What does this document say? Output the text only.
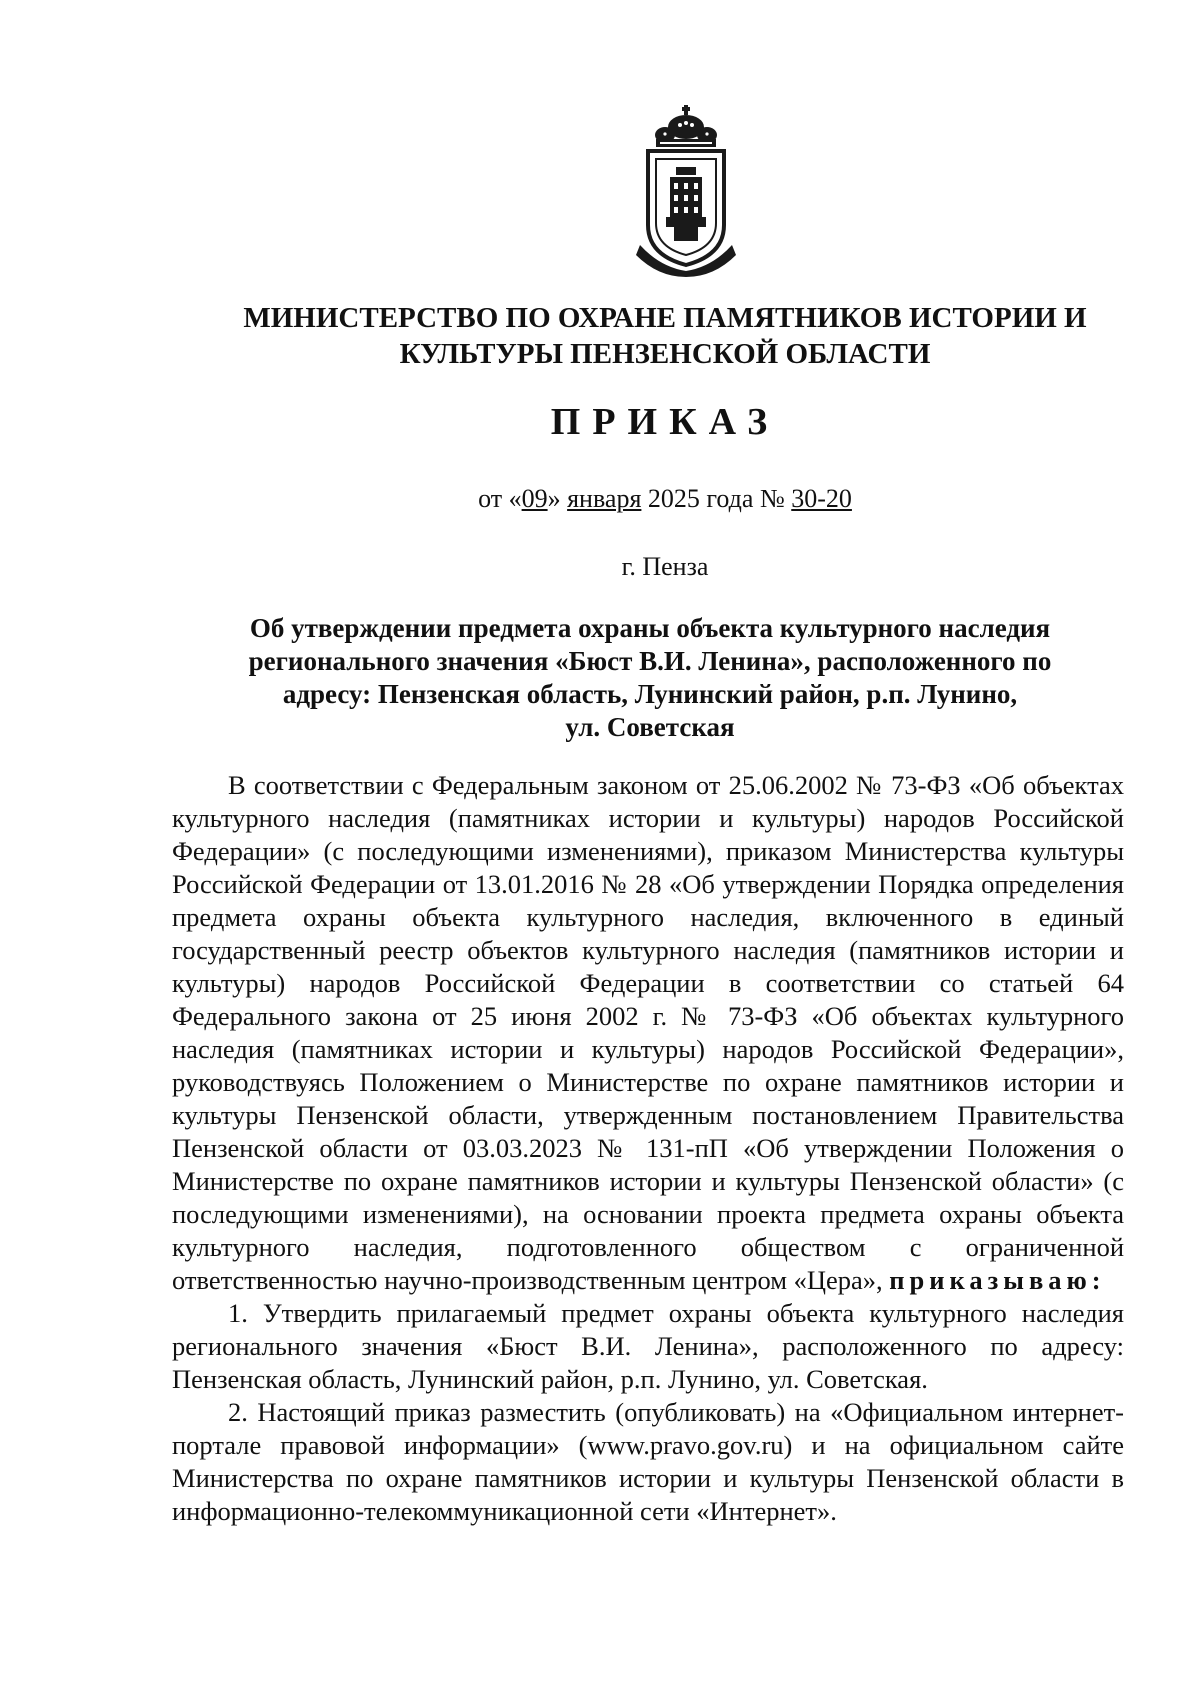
МИНИСТЕРСТВО ПО ОХРАНЕ ПАМЯТНИКОВ ИСТОРИИ И
КУЛЬТУРЫ ПЕНЗЕНСКОЙ ОБЛАСТИ
ПРИКАЗ
от «09» января 2025 года № 30-20
г. Пенза
Об утверждении предмета охраны объекта культурного наследия
регионального значения «Бюст В.И. Ленина», расположенного по
адресу: Пензенская область, Лунинский район, р.п. Лунино,
ул. Советская

В соответствии с Федеральным законом от 25.06.2002 № 73-ФЗ «Об объектах культурного наследия (памятниках истории и культуры) народов Российской Федерации» (с последующими изменениями), приказом Министерства культуры Российской Федерации от 13.01.2016 № 28 «Об утверждении Порядка определения предмета охраны объекта культурного наследия, включенного в единый государственный реестр объектов культурного наследия (памятников истории и культуры) народов Российской Федерации в соответствии со статьей 64 Федерального закона от 25 июня 2002 г. № 73-ФЗ «Об объектах культурного наследия (памятниках истории и культуры) народов Российской Федерации», руководствуясь Положением о Министерстве по охране памятников истории и культуры Пензенской области, утвержденным постановлением Правительства Пензенской области от 03.03.2023 № 131-пП «Об утверждении Положения о Министерстве по охране памятников истории и культуры Пензенской области» (с последующими изменениями), на основании проекта предмета охраны объекта культурного наследия, подготовленного обществом с ограниченной ответственностью научно-производственным центром «Цера», приказываю:

1. Утвердить прилагаемый предмет охраны объекта культурного наследия регионального значения «Бюст В.И. Ленина», расположенного по адресу: Пензенская область, Лунинский район, р.п. Лунино, ул. Советская.

2. Настоящий приказ разместить (опубликовать) на «Официальном интернет-портале правовой информации» (www.pravo.gov.ru) и на официальном сайте Министерства по охране памятников истории и культуры Пензенской области в информационно-телекоммуникационной сети «Интернет».
